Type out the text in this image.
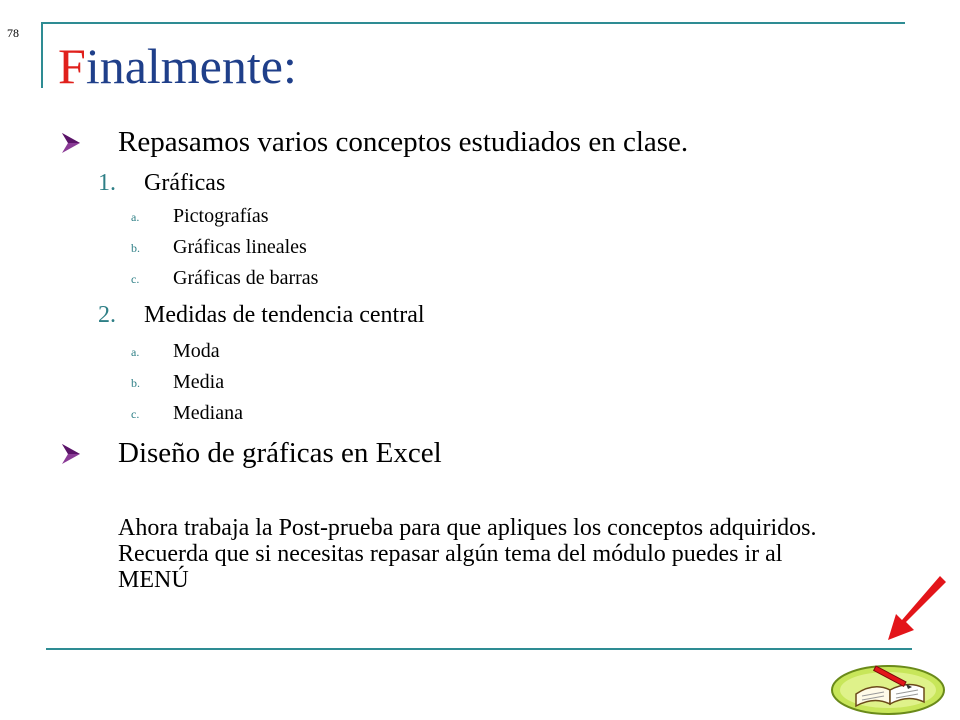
78
Finalmente:
Repasamos varios conceptos estudiados en clase.
1. Gráficas
a. Pictografías
b. Gráficas lineales
c. Gráficas de barras
2. Medidas de tendencia central
a. Moda
b. Media
c. Mediana
Diseño de gráficas en Excel

Ahora trabaja la Post-prueba para que apliques los conceptos adquiridos. Recuerda que si necesitas repasar algún tema del módulo puedes ir al MENÚ
